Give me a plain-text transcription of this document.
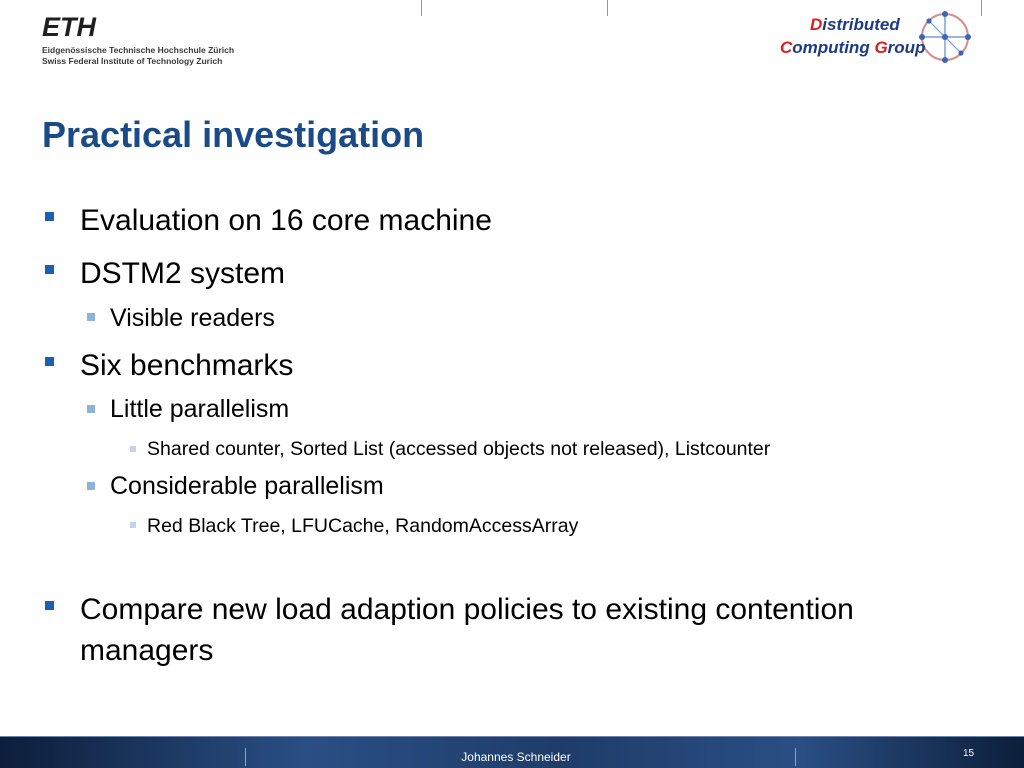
ETH
Eidgenössische Technische Hochschule Zürich
Swiss Federal Institute of Technology Zurich
Distributed
Computing Group
Practical investigation
Evaluation on 16 core machine
DSTM2 system
Visible readers
Six benchmarks
Little parallelism
Shared counter, Sorted List (accessed objects not released), Listcounter
Considerable parallelism
Red Black Tree, LFUCache, RandomAccessArray
Compare new load adaption policies to existing contention
managers
Johannes Schneider	15
